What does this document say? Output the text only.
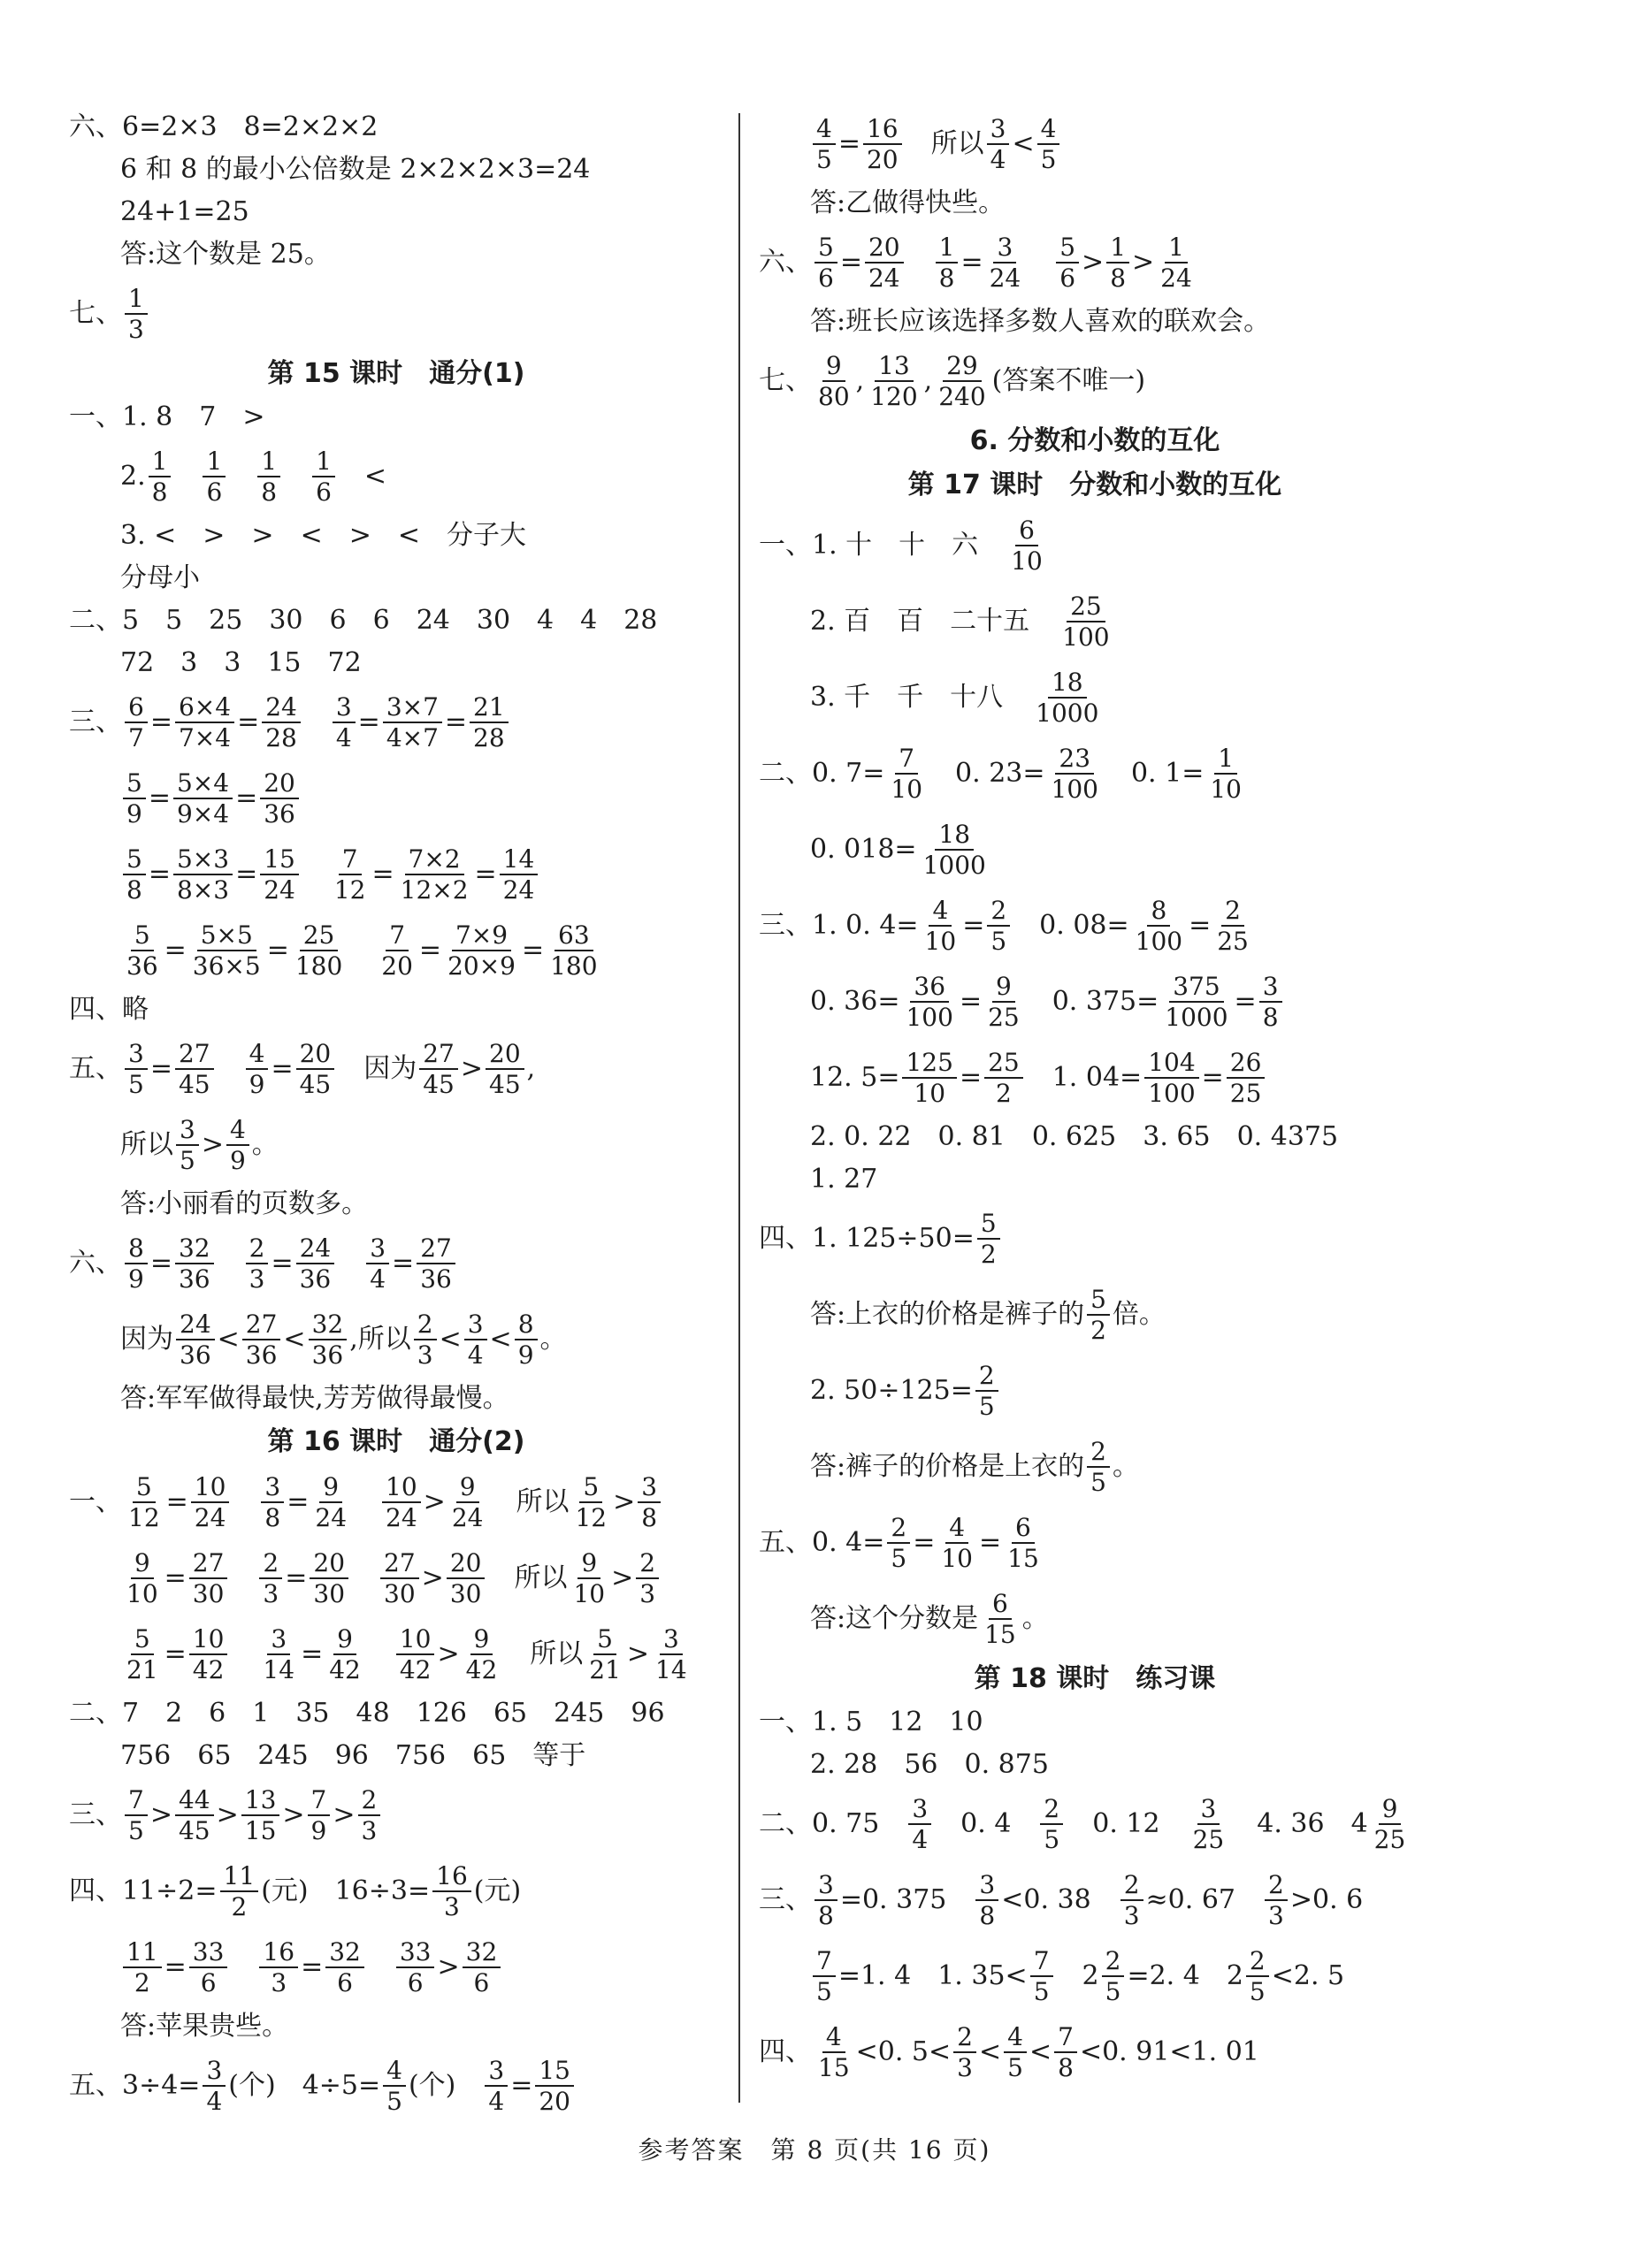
六、6=2×3　8=2×2×2
6 和 8 的最小公倍数是 2×2×2×3=24
24+1=25
答:这个数是 25。
七、 $\frac{1}{3}$
第 15 课时　通分(1)
一、1. 8　7　>
2. $\frac{1}{8}$
　 $\frac{1}{6}$
　 $\frac{1}{8}$
　 $\frac{1}{6}$ 　<
3. <　>　>　<　>　<　分子大
分母小
二、5　5　25　30　6　6　24　30　4　4　28
72　3　3　15　72
三、 $\frac{6}{7} = \frac{6\times 4}{7\times 4} = \frac{24}{28}$
　 $\frac{3}{4} = \frac{3\times 7}{4\times 7} = \frac{21}{28}$
$\frac{5}{9} = \frac{5\times 4}{9\times 4} = \frac{20}{36}$
$\frac{5}{8} = \frac{5\times 3}{8\times 3} = \frac{15}{24}$
　 $\frac{7}{12} = \frac{7\times 2}{12\times 2} = \frac{14}{24}$
$\frac{5}{36} = \frac{5\times 5}{36\times 5} = \frac{25}{180}$
　 $\frac{7}{20} = \frac{7\times 9}{20\times 9} = \frac{63}{180}$
四、略
五、 $\frac{3}{5} = \frac{27}{45}$
　 $\frac{4}{9} = \frac{20}{45}$ 　因为 $\frac{27}{45} > \frac{20}{45}$ ,
所以 $\frac{3}{5} > \frac{4}{9}$ 。
答:小丽看的页数多。
六、 $\frac{8}{9} = \frac{32}{36}$
　 $\frac{2}{3} = \frac{24}{36}$
　 $\frac{3}{4} = \frac{27}{36}$
因为 $\frac{24}{36} < \frac{27}{36} < \frac{32}{36}$ ,所以 $\frac{2}{3} < \frac{3}{4} < \frac{8}{9}$ 。
答:军军做得最快,芳芳做得最慢。
第 16 课时　通分(2)
一、 $\frac{5}{12} = \frac{10}{24}$
　 $\frac{3}{8} = \frac{9}{24}$
　 $\frac{10}{24} > \frac{9}{24}$ 　所以 $\frac{5}{12} > \frac{3}{8}$
$\frac{9}{10} = \frac{27}{30}$
　 $\frac{2}{3} = \frac{20}{30}$
　 $\frac{27}{30} > \frac{20}{30}$ 　所以 $\frac{9}{10} > \frac{2}{3}$
$\frac{5}{21} = \frac{10}{42}$
　 $\frac{3}{14} = \frac{9}{42}$
　 $\frac{10}{42} > \frac{9}{42}$ 　所以 $\frac{5}{21} > \frac{3}{14}$
二、7　2　6　1　35　48　126　65　245　96
756　65　245　96　756　65　等于
三、 $\frac{7}{5} > \frac{44}{45} > \frac{13}{15} > \frac{7}{9} > \frac{2}{3}$
四、$11\div 2= \frac{11}{2}$ (元)　$16\div 3= \frac{16}{3}$ (元)
$\frac{11}{2} = \frac{33}{6}$
　 $\frac{16}{3} = \frac{32}{6}$
　 $\frac{33}{6} > \frac{32}{6}$
答:苹果贵些。
五、$3\div 4= \frac{3}{4}$ (个)　$4\div 5= \frac{4}{5}$ (个)　 $\frac{3}{4} = \frac{15}{20}$
$\frac{4}{5} = \frac{16}{20}$ 　所以 $\frac{3}{4} < \frac{4}{5}$
答:乙做得快些。
六、 $\frac{5}{6} = \frac{20}{24}$
　 $\frac{1}{8} = \frac{3}{24}$
　 $\frac{5}{6} > \frac{1}{8} > \frac{1}{24}$
答:班长应该选择多数人喜欢的联欢会。
七、 $\frac{9}{80}$ , $\frac{13}{120}$ , $\frac{29}{240}$ (答案不唯一)
6. 分数和小数的互化
第 17 课时　分数和小数的互化
一、1. 十　十　六　 $\frac{6}{10}$
2. 百　百　二十五　 $\frac{25}{100}$
3. 千　千　十八　 $\frac{18}{1000}$
二、0. $7= \frac{7}{10}$ 　0. $23= \frac{23}{100}$ 　0. $1= \frac{1}{10}$
0. $018= \frac{18}{1000}$
三、1. 0. $4= \frac{4}{10} = \frac{2}{5}$ 　0. $08= \frac{8}{100} = \frac{2}{25}$
0. $36= \frac{36}{100} = \frac{9}{25}$ 　0. $375= \frac{375}{1000} = \frac{3}{8}$
12. $5= \frac{125}{10} = \frac{25}{2}$ 　1. $04= \frac{104}{100} = \frac{26}{25}$
2. 0. 22　0. 81　0. 625　3. 65　0. 4375
1. 27
四、1. $125\div 50= \frac{5}{2}$
答:上衣的价格是裤子的 $\frac{5}{2}$ 倍。
2. $50\div 125= \frac{2}{5}$
答:裤子的价格是上衣的 $\frac{2}{5}$ 。
五、0. $4= \frac{2}{5} = \frac{4}{10} = \frac{6}{15}$
答:这个分数是 $\frac{6}{15}$ 。
第 18 课时　练习课
一、1. 5　12　10
2. 28　56　0. 875
二、0. 75　 $\frac{3}{4}$ 　0. 4　 $\frac{2}{5}$ 　0. 12　 $\frac{3}{25}$ 　4. 36　$4 \frac{9}{25}$
三、 $\frac{3}{8} =0$. 375　 $\frac{3}{8} <0$. 38　 $\frac{2}{3} \approx 0$. 67　 $\frac{2}{3} >0$. 6
$\frac{7}{5} =1$. 4　1. $35< \frac{7}{5}$ 　$2 \frac{2}{5} =2$. 4　$2 \frac{2}{5} <2$. 5
四、 $\frac{4}{15} <0$. $5< \frac{2}{3} < \frac{4}{5} < \frac{7}{8} <0$. 91<1. 01
参考答案　第 8 页(共 16 页)
